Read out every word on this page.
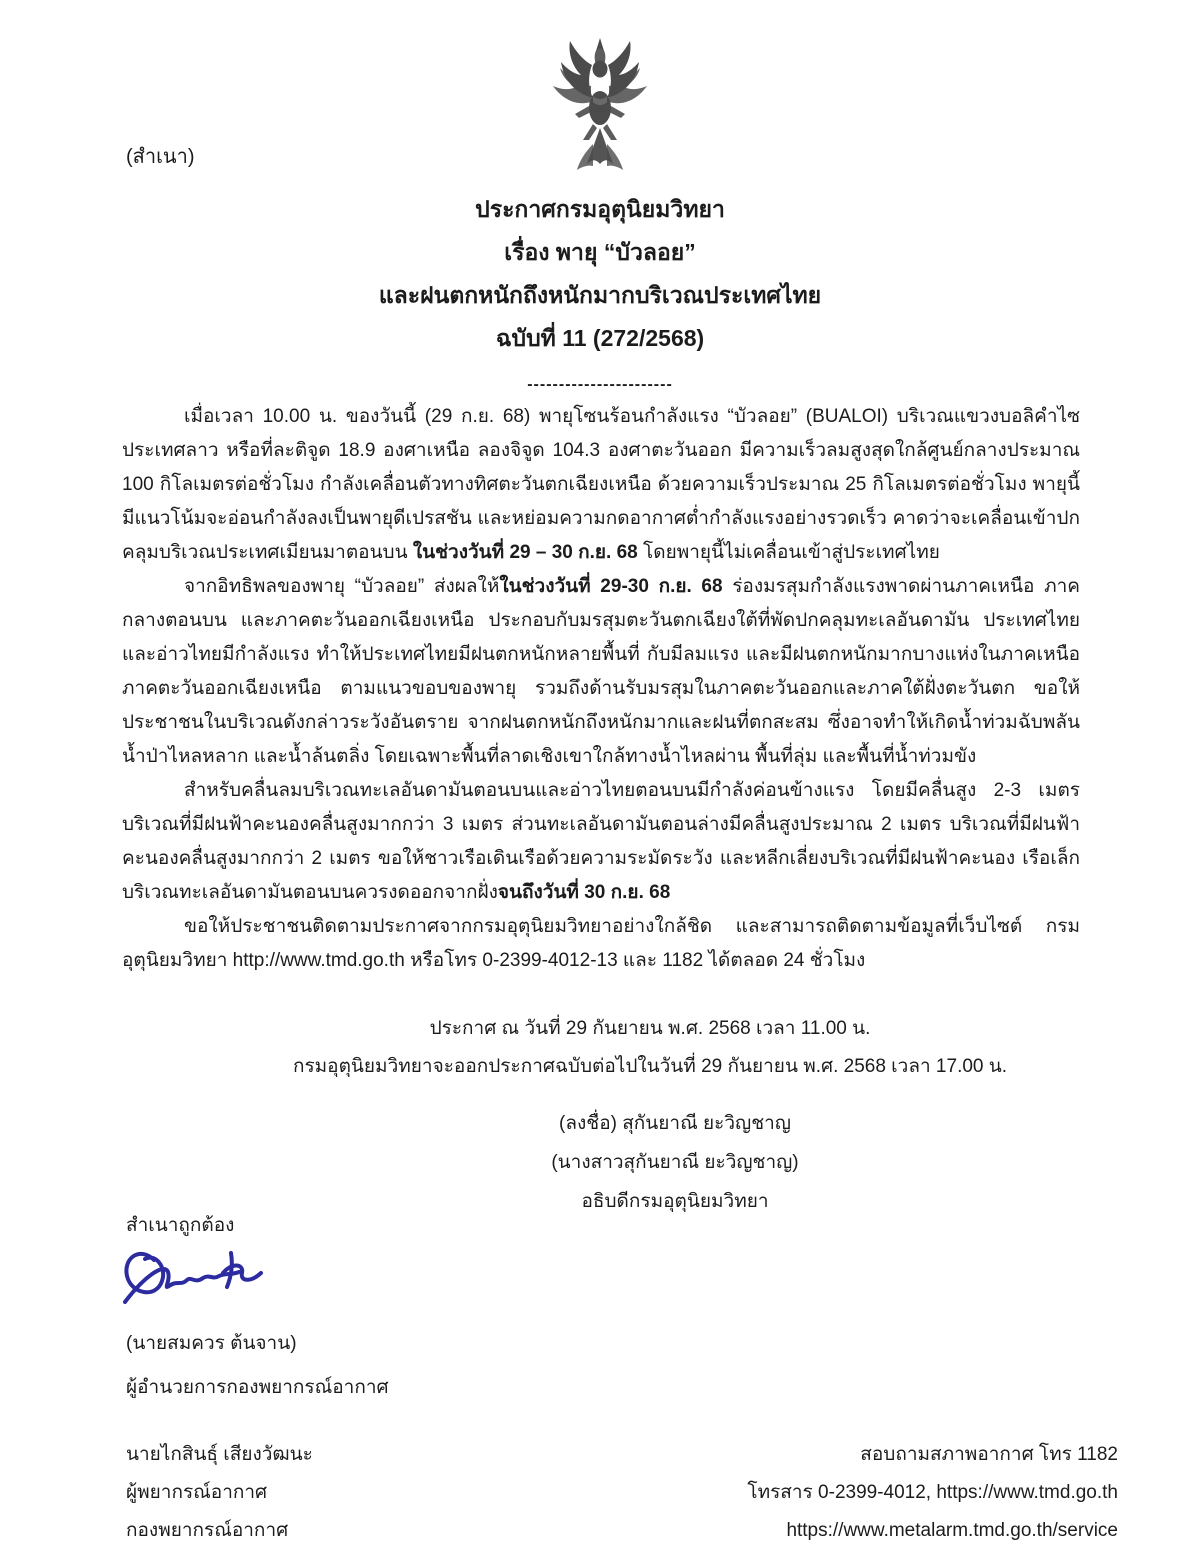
(สำเนา)
ประกาศกรมอุตุนิยมวิทยา
เรื่อง พายุ “บัวลอย”
และฝนตกหนักถึงหนักมากบริเวณประเทศไทย
ฉบับที่ 11 (272/2568)
-----------------------

เมื่อเวลา 10.00 น. ของวันนี้ (29 ก.ย. 68) พายุโซนร้อนกำลังแรง “บัวลอย” (BUALOI) บริเวณแขวงบอลิคำไซ ประเทศลาว หรือที่ละติจูด 18.9 องศาเหนือ ลองจิจูด 104.3 องศาตะวันออก มีความเร็วลมสูงสุดใกล้ศูนย์กลางประมาณ 100 กิโลเมตรต่อชั่วโมง กำลังเคลื่อนตัวทางทิศตะวันตกเฉียงเหนือ ด้วยความเร็วประมาณ 25 กิโลเมตรต่อชั่วโมง พายุนี้มีแนวโน้มจะอ่อนกำลังลงเป็นพายุดีเปรสชัน และหย่อมความกดอากาศต่ำกำลังแรงอย่างรวดเร็ว คาดว่าจะเคลื่อนเข้าปกคลุมบริเวณประเทศเมียนมาตอนบน ในช่วงวันที่ 29 – 30 ก.ย. 68 โดยพายุนี้ไม่เคลื่อนเข้าสู่ประเทศไทย

จากอิทธิพลของพายุ “บัวลอย” ส่งผลให้ในช่วงวันที่ 29-30 ก.ย. 68 ร่องมรสุมกำลังแรงพาดผ่านภาคเหนือ ภาคกลางตอนบน และภาคตะวันออกเฉียงเหนือ ประกอบกับมรสุมตะวันตกเฉียงใต้ที่พัดปกคลุมทะเลอันดามัน ประเทศไทย และอ่าวไทยมีกำลังแรง ทำให้ประเทศไทยมีฝนตกหนักหลายพื้นที่ กับมีลมแรง และมีฝนตกหนักมากบางแห่งในภาคเหนือ ภาคตะวันออกเฉียงเหนือ ตามแนวขอบของพายุ รวมถึงด้านรับมรสุมในภาคตะวันออกและภาคใต้ฝั่งตะวันตก ขอให้ประชาชนในบริเวณดังกล่าวระวังอันตราย จากฝนตกหนักถึงหนักมากและฝนที่ตกสะสม ซึ่งอาจทำให้เกิดน้ำท่วมฉับพลัน น้ำป่าไหลหลาก และน้ำล้นตลิ่ง โดยเฉพาะพื้นที่ลาดเชิงเขาใกล้ทางน้ำไหลผ่าน พื้นที่ลุ่ม และพื้นที่น้ำท่วมขัง

สำหรับคลื่นลมบริเวณทะเลอันดามันตอนบนและอ่าวไทยตอนบนมีกำลังค่อนข้างแรง โดยมีคลื่นสูง 2-3 เมตร บริเวณที่มีฝนฟ้าคะนองคลื่นสูงมากกว่า 3 เมตร ส่วนทะเลอันดามันตอนล่างมีคลื่นสูงประมาณ 2 เมตร บริเวณที่มีฝนฟ้าคะนองคลื่นสูงมากกว่า 2 เมตร ขอให้ชาวเรือเดินเรือด้วยความระมัดระวัง และหลีกเลี่ยงบริเวณที่มีฝนฟ้าคะนอง เรือเล็กบริเวณทะเลอันดามันตอนบนควรงดออกจากฝั่งจนถึงวันที่ 30 ก.ย. 68

ขอให้ประชาชนติดตามประกาศจากกรมอุตุนิยมวิทยาอย่างใกล้ชิด และสามารถติดตามข้อมูลที่เว็บไซต์ กรมอุตุนิยมวิทยา http://www.tmd.go.th หรือโทร 0-2399-4012-13 และ 1182 ได้ตลอด 24 ชั่วโมง

ประกาศ ณ วันที่ 29 กันยายน พ.ศ. 2568 เวลา 11.00 น.
กรมอุตุนิยมวิทยาจะออกประกาศฉบับต่อไปในวันที่ 29 กันยายน พ.ศ. 2568 เวลา 17.00 น.
(ลงชื่อ) สุกันยาณี ยะวิญชาญ
(นางสาวสุกันยาณี ยะวิญชาญ)
อธิบดีกรมอุตุนิยมวิทยา
สำเนาถูกต้อง
(นายสมควร ต้นจาน)
ผู้อำนวยการกองพยากรณ์อากาศ
นายไกสินธุ์ เสียงวัฒนะ
ผู้พยากรณ์อากาศ
กองพยากรณ์อากาศ
สอบถามสภาพอากาศ โทร 1182
โทรสาร 0-2399-4012, https://www.tmd.go.th
https://www.metalarm.tmd.go.th/service
